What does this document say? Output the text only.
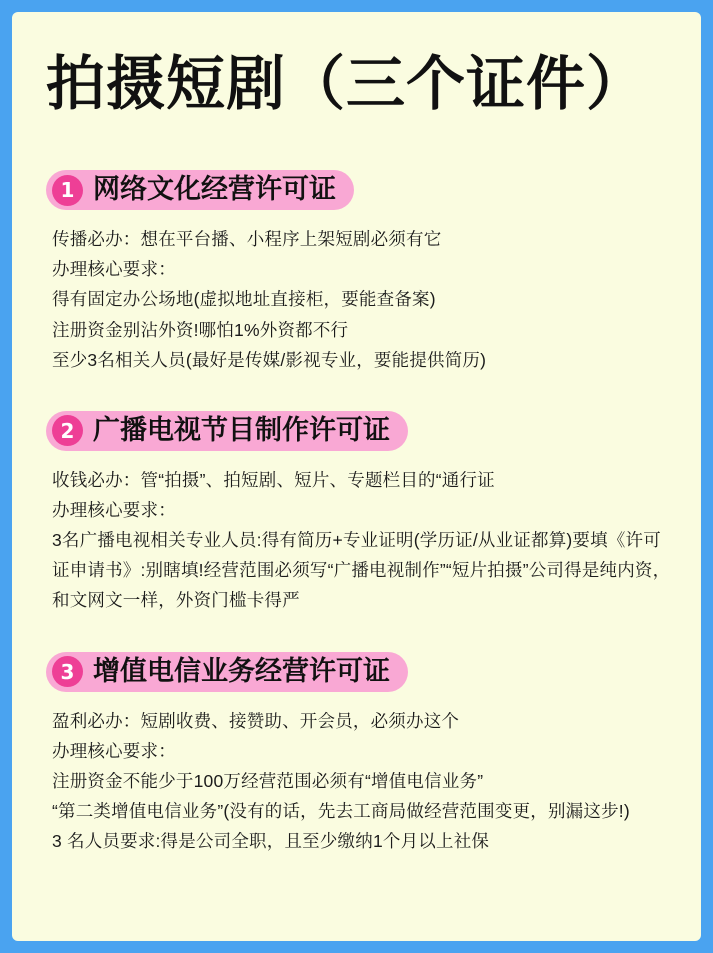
拍摄短剧（三个证件）
1 网络文化经营许可证
传播必办：想在平台播、小程序上架短剧必须有它
办理核心要求：
得有固定办公场地(虚拟地址直接柜，要能查备案)
注册资金别沾外资!哪怕1%外资都不行
至少3名相关人员(最好是传媒/影视专业，要能提供简历)
2 广播电视节目制作许可证
收钱必办：管“拍摄”、拍短剧、短片、专题栏目的“通行证
办理核心要求：
3名广播电视相关专业人员:得有简历+专业证明(学历证/从业证都算)要填《许可证申请书》:别瞎填!经营范围必须写“广播电视制作”“短片拍摄”公司得是纯内资，和文网文一样，外资门槛卡得严
3 增值电信业务经营许可证
盈利必办：短剧收费、接赞助、开会员，必须办这个
办理核心要求：
注册资金不能少于100万经营范围必须有“增值电信业务”
“第二类增值电信业务”(没有的话，先去工商局做经营范围变更，别漏这步!)
3 名人员要求:得是公司全职，且至少缴纳1个月以上社保
